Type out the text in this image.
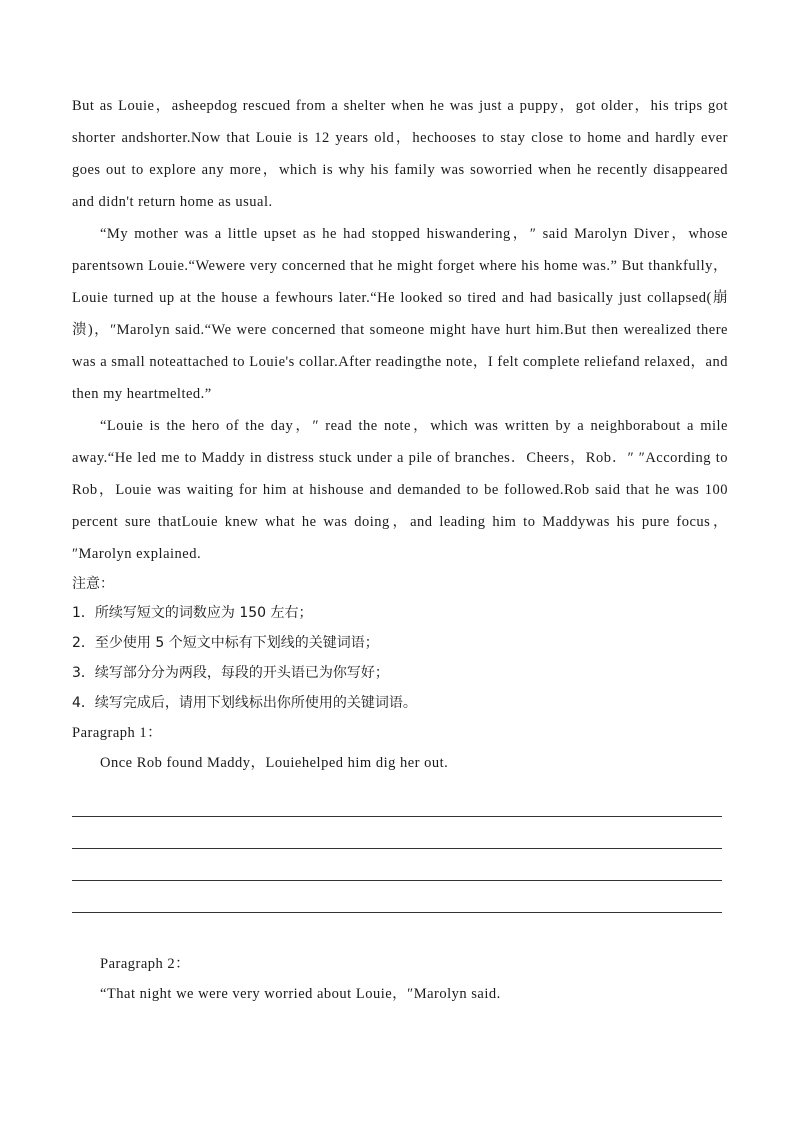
But as Louie，asheepdog rescued from a shelter when he was just a puppy，got older，his trips got shorter andshorter.Now that Louie is 12 years old，hechooses to stay close to home and hardly ever goes out to explore any more，which is why his family was soworried when he recently disappeared and didn't return home as usual.

“My mother was a little upset as he had stopped hiswandering，″ said Marolyn Diver，whose parentsown Louie.“Wewere very concerned that he might forget where his home was.” But thankfully，Louie turned up at the house a fewhours later.“He looked so tired and had basically just collapsed(崩溃)，″Marolyn said.“We were concerned that someone might have hurt him.But then werealized there was a small noteattached to Louie's collar.After readingthe note，I felt complete reliefand relaxed，and then my heartmelted.”

“Louie is the hero of the day，″ read the note，which was written by a neighborabout a mile away.“He led me to Maddy in distress stuck under a pile of branches．Cheers，Rob．″ ″According to Rob，Louie was waiting for him at hishouse and demanded to be followed.Rob said that he was 100 percent sure thatLouie knew what he was doing，and leading him to Maddywas his pure focus，″Marolyn explained.

注意：

1．所续写短文的词数应为 150 左右；

2．至少使用 5 个短文中标有下划线的关键词语；

3．续写部分分为两段，每段的开头语已为你写好；

4．续写完成后，请用下划线标出你所使用的关键词语。

Paragraph 1：

Once Rob found Maddy，Louiehelped him dig her out.

Paragraph 2：

“That night we were very worried about Louie，″Marolyn said.
